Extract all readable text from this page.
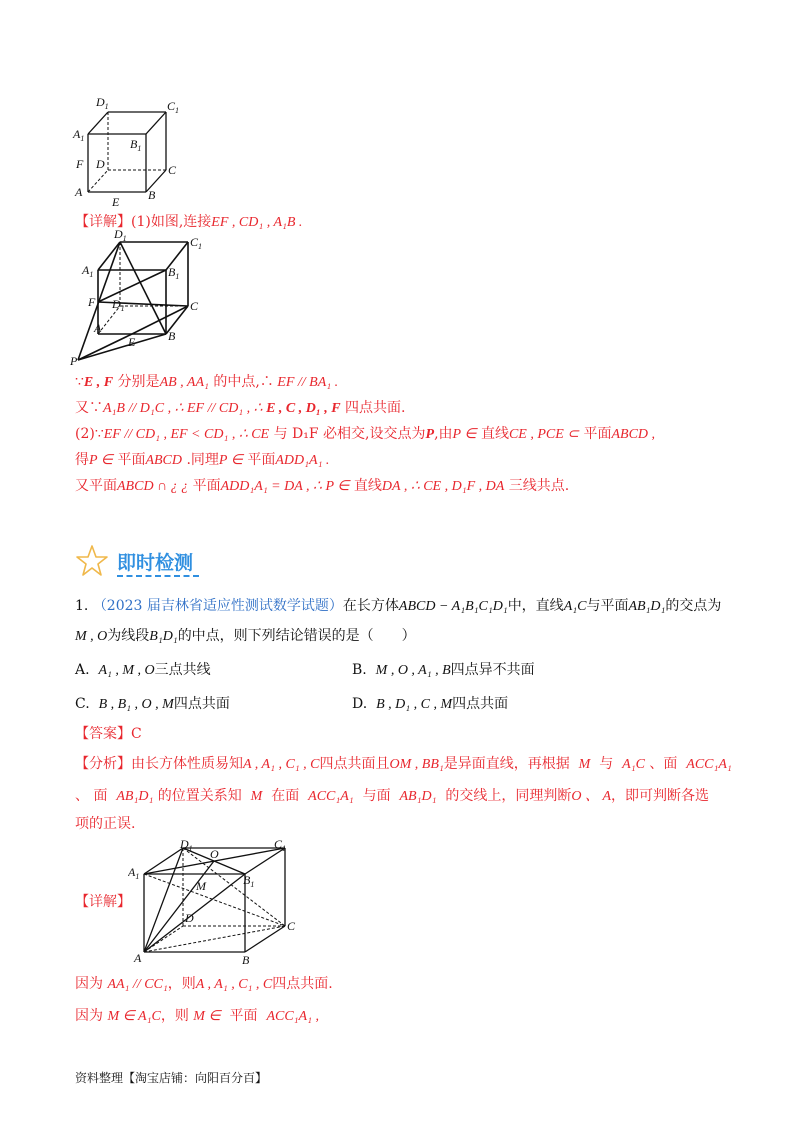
$D_1$	$C_1$
$A_1$	$B_1$
F D	C
A
E B
【详解】(1)如图,连接EF , CD₁ , A₁B .
$D_1$	$C_1$
$A_1$	$B_1$
F $D_1$	C
A
E	B
P
∵E , F 分别是AB , AA₁ 的中点,∴ EF // BA₁ .
又∵A₁B // D₁C , ∴ EF // CD₁ , ∴ E , C , D₁ , F 四点共面.
(2)∵EF // CD₁ , EF < CD₁ , ∴ CE 与 D₁F 必相交,设交点为P,由P ∈ 直线CE , PCE ⊂ 平面ABCD ,
得P ∈ 平面ABCD .同理P ∈ 平面ADD₁A₁ .
又平面ABCD ∩ ¿ ¿ 平面ADD₁A₁ = DA , ∴ P ∈ 直线DA , ∴ CE , D₁F , DA 三线共点.
即时检测
1. （2023 届吉林省适应性测试数学试题）在长方体ABCD − A₁B₁C₁D₁中，直线A₁C与平面AB₁D₁的交点为
M , O为线段B₁D₁的中点，则下列结论错误的是（　　）
A. A₁ , M , O三点共线	B. M , O , A₁ , B四点异不共面
C. B , B₁ , O , M四点共面	D. B , D₁ , C , M四点共面
【答案】C
【分析】由长方体性质易知A , A₁ , C₁ , C四点共面且OM , BB₁是异面直线，再根据 M 与 A₁C 、面 ACC₁A₁
、 面 AB₁D₁ 的位置关系知 M 在面 ACC₁A₁ 与面 AB₁D₁ 的交线上，同理判断O 、 A，即可判断各选
项的正误.
$D_1$ O
$C_1$
$A_1$	$B_1$
M
D
C
A	B
【详解】
因为 AA₁ // CC₁，则A , A₁ , C₁ , C四点共面.
因为 M ∈ A₁C，则 M ∈ 平面 ACC₁A₁ ,
资料整理【淘宝店铺：向阳百分百】
